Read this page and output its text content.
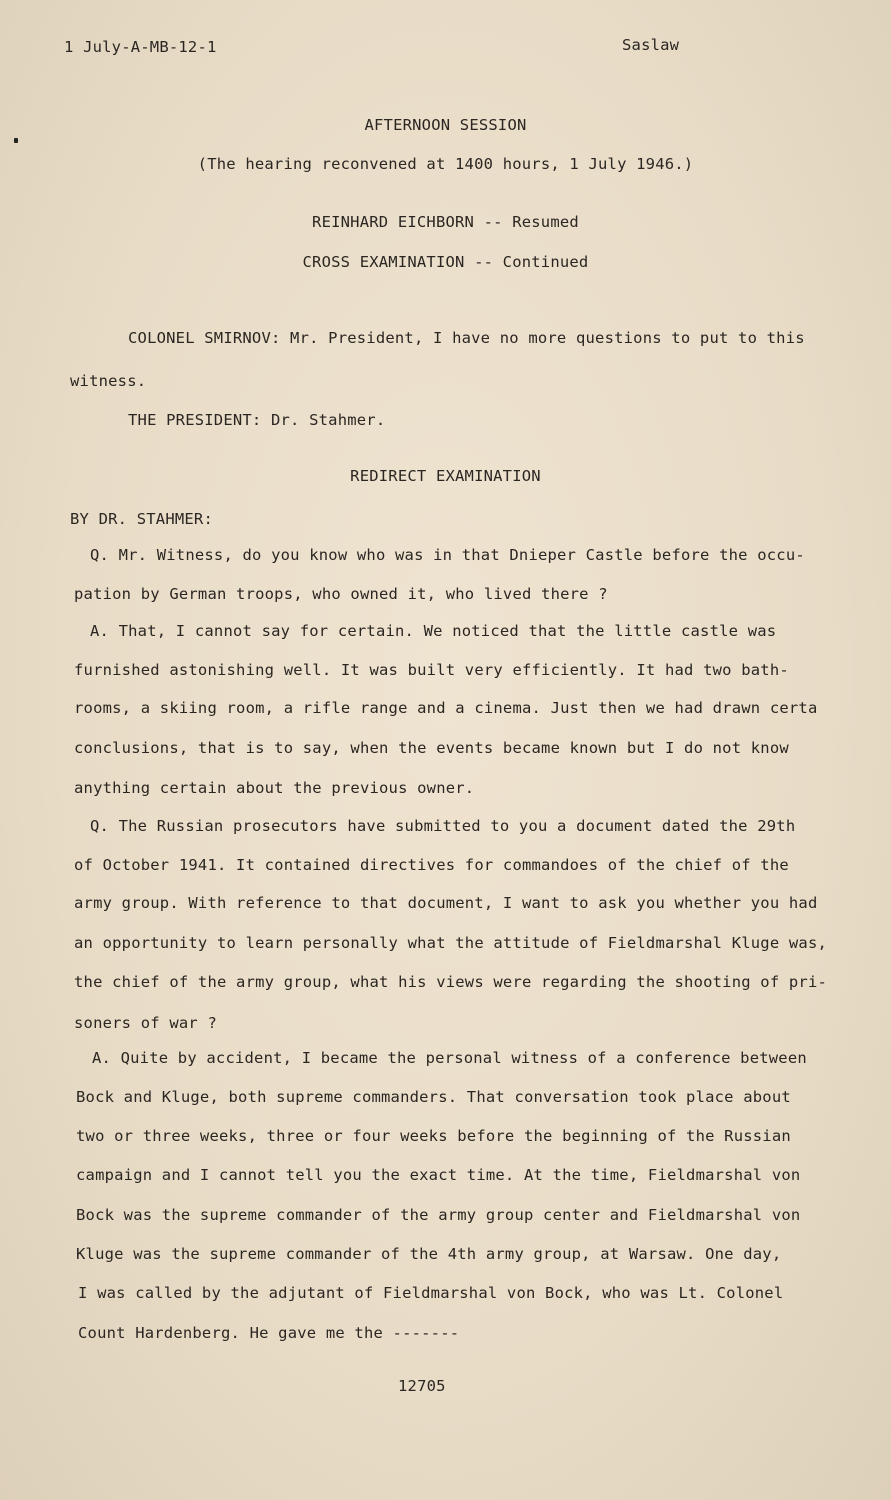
1 July-A-MB-12-1	Saslaw
AFTERNOON SESSION
(The hearing reconvened at 1400 hours, 1 July 1946.)
REINHARD EICHBORN -- Resumed
CROSS EXAMINATION -- Continued
COLONEL SMIRNOV: Mr. President, I have no more questions to put to this
witness.
THE PRESIDENT: Dr. Stahmer.
REDIRECT EXAMINATION
BY DR. STAHMER:
Q. Mr. Witness, do you know who was in that Dnieper Castle before the occu-
pation by German troops, who owned it, who lived there ?
A. That, I cannot say for certain. We noticed that the little castle was
furnished astonishing well. It was built very efficiently. It had two bath-
rooms, a skiing room, a rifle range and a cinema. Just then we had drawn certa
conclusions, that is to say, when the events became known but I do not know
anything certain about the previous owner.
Q. The Russian prosecutors have submitted to you a document dated the 29th
of October 1941. It contained directives for commandoes of the chief of the
army group. With reference to that document, I want to ask you whether you had
an opportunity to learn personally what the attitude of Fieldmarshal Kluge was,
the chief of the army group, what his views were regarding the shooting of pri-
soners of war ?
A. Quite by accident, I became the personal witness of a conference between
Bock and Kluge, both supreme commanders. That conversation took place about
two or three weeks, three or four weeks before the beginning of the Russian
campaign and I cannot tell you the exact time. At the time, Fieldmarshal von
Bock was the supreme commander of the army group center and Fieldmarshal von
Kluge was the supreme commander of the 4th army group, at Warsaw. One day,
I was called by the adjutant of Fieldmarshal von Bock, who was Lt. Colonel
Count Hardenberg. He gave me the -------
12705
